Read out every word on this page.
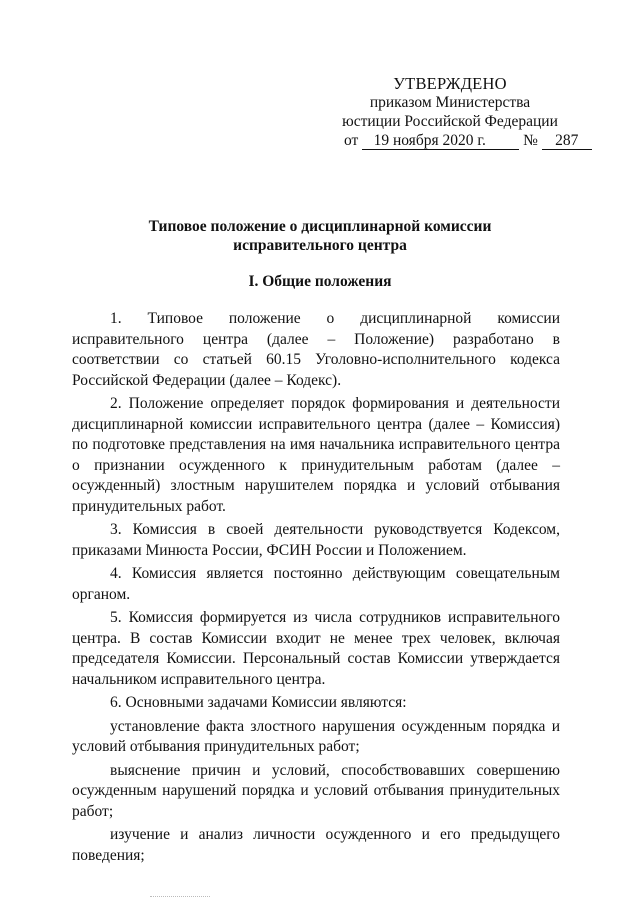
УТВЕРЖДЕНО
приказом Министерства
юстиции Российской Федерации
от 19 ноября 2020 г. № 287
Типовое положение о дисциплинарной комиссии
исправительного центра
I. Общие положения

1. Типовое положение о дисциплинарной комиссии исправительного центра (далее – Положение) разработано в соответствии со статьей 60.15 Уголовно-исполнительного кодекса Российской Федерации (далее – Кодекс).

2. Положение определяет порядок формирования и деятельности дисциплинарной комиссии исправительного центра (далее – Комиссия) по подготовке представления на имя начальника исправительного центра о признании осужденного к принудительным работам (далее – осужденный) злостным нарушителем порядка и условий отбывания принудительных работ.

3. Комиссия в своей деятельности руководствуется Кодексом, приказами Минюста России, ФСИН России и Положением.

4. Комиссия является постоянно действующим совещательным органом.

5. Комиссия формируется из числа сотрудников исправительного центра. В состав Комиссии входит не менее трех человек, включая председателя Комиссии. Персональный состав Комиссии утверждается начальником исправительного центра.

6. Основными задачами Комиссии являются:

установление факта злостного нарушения осужденным порядка и условий отбывания принудительных работ;

выяснение причин и условий, способствовавших совершению осужденным нарушений порядка и условий отбывания принудительных работ;

изучение и анализ личности осужденного и его предыдущего поведения;
